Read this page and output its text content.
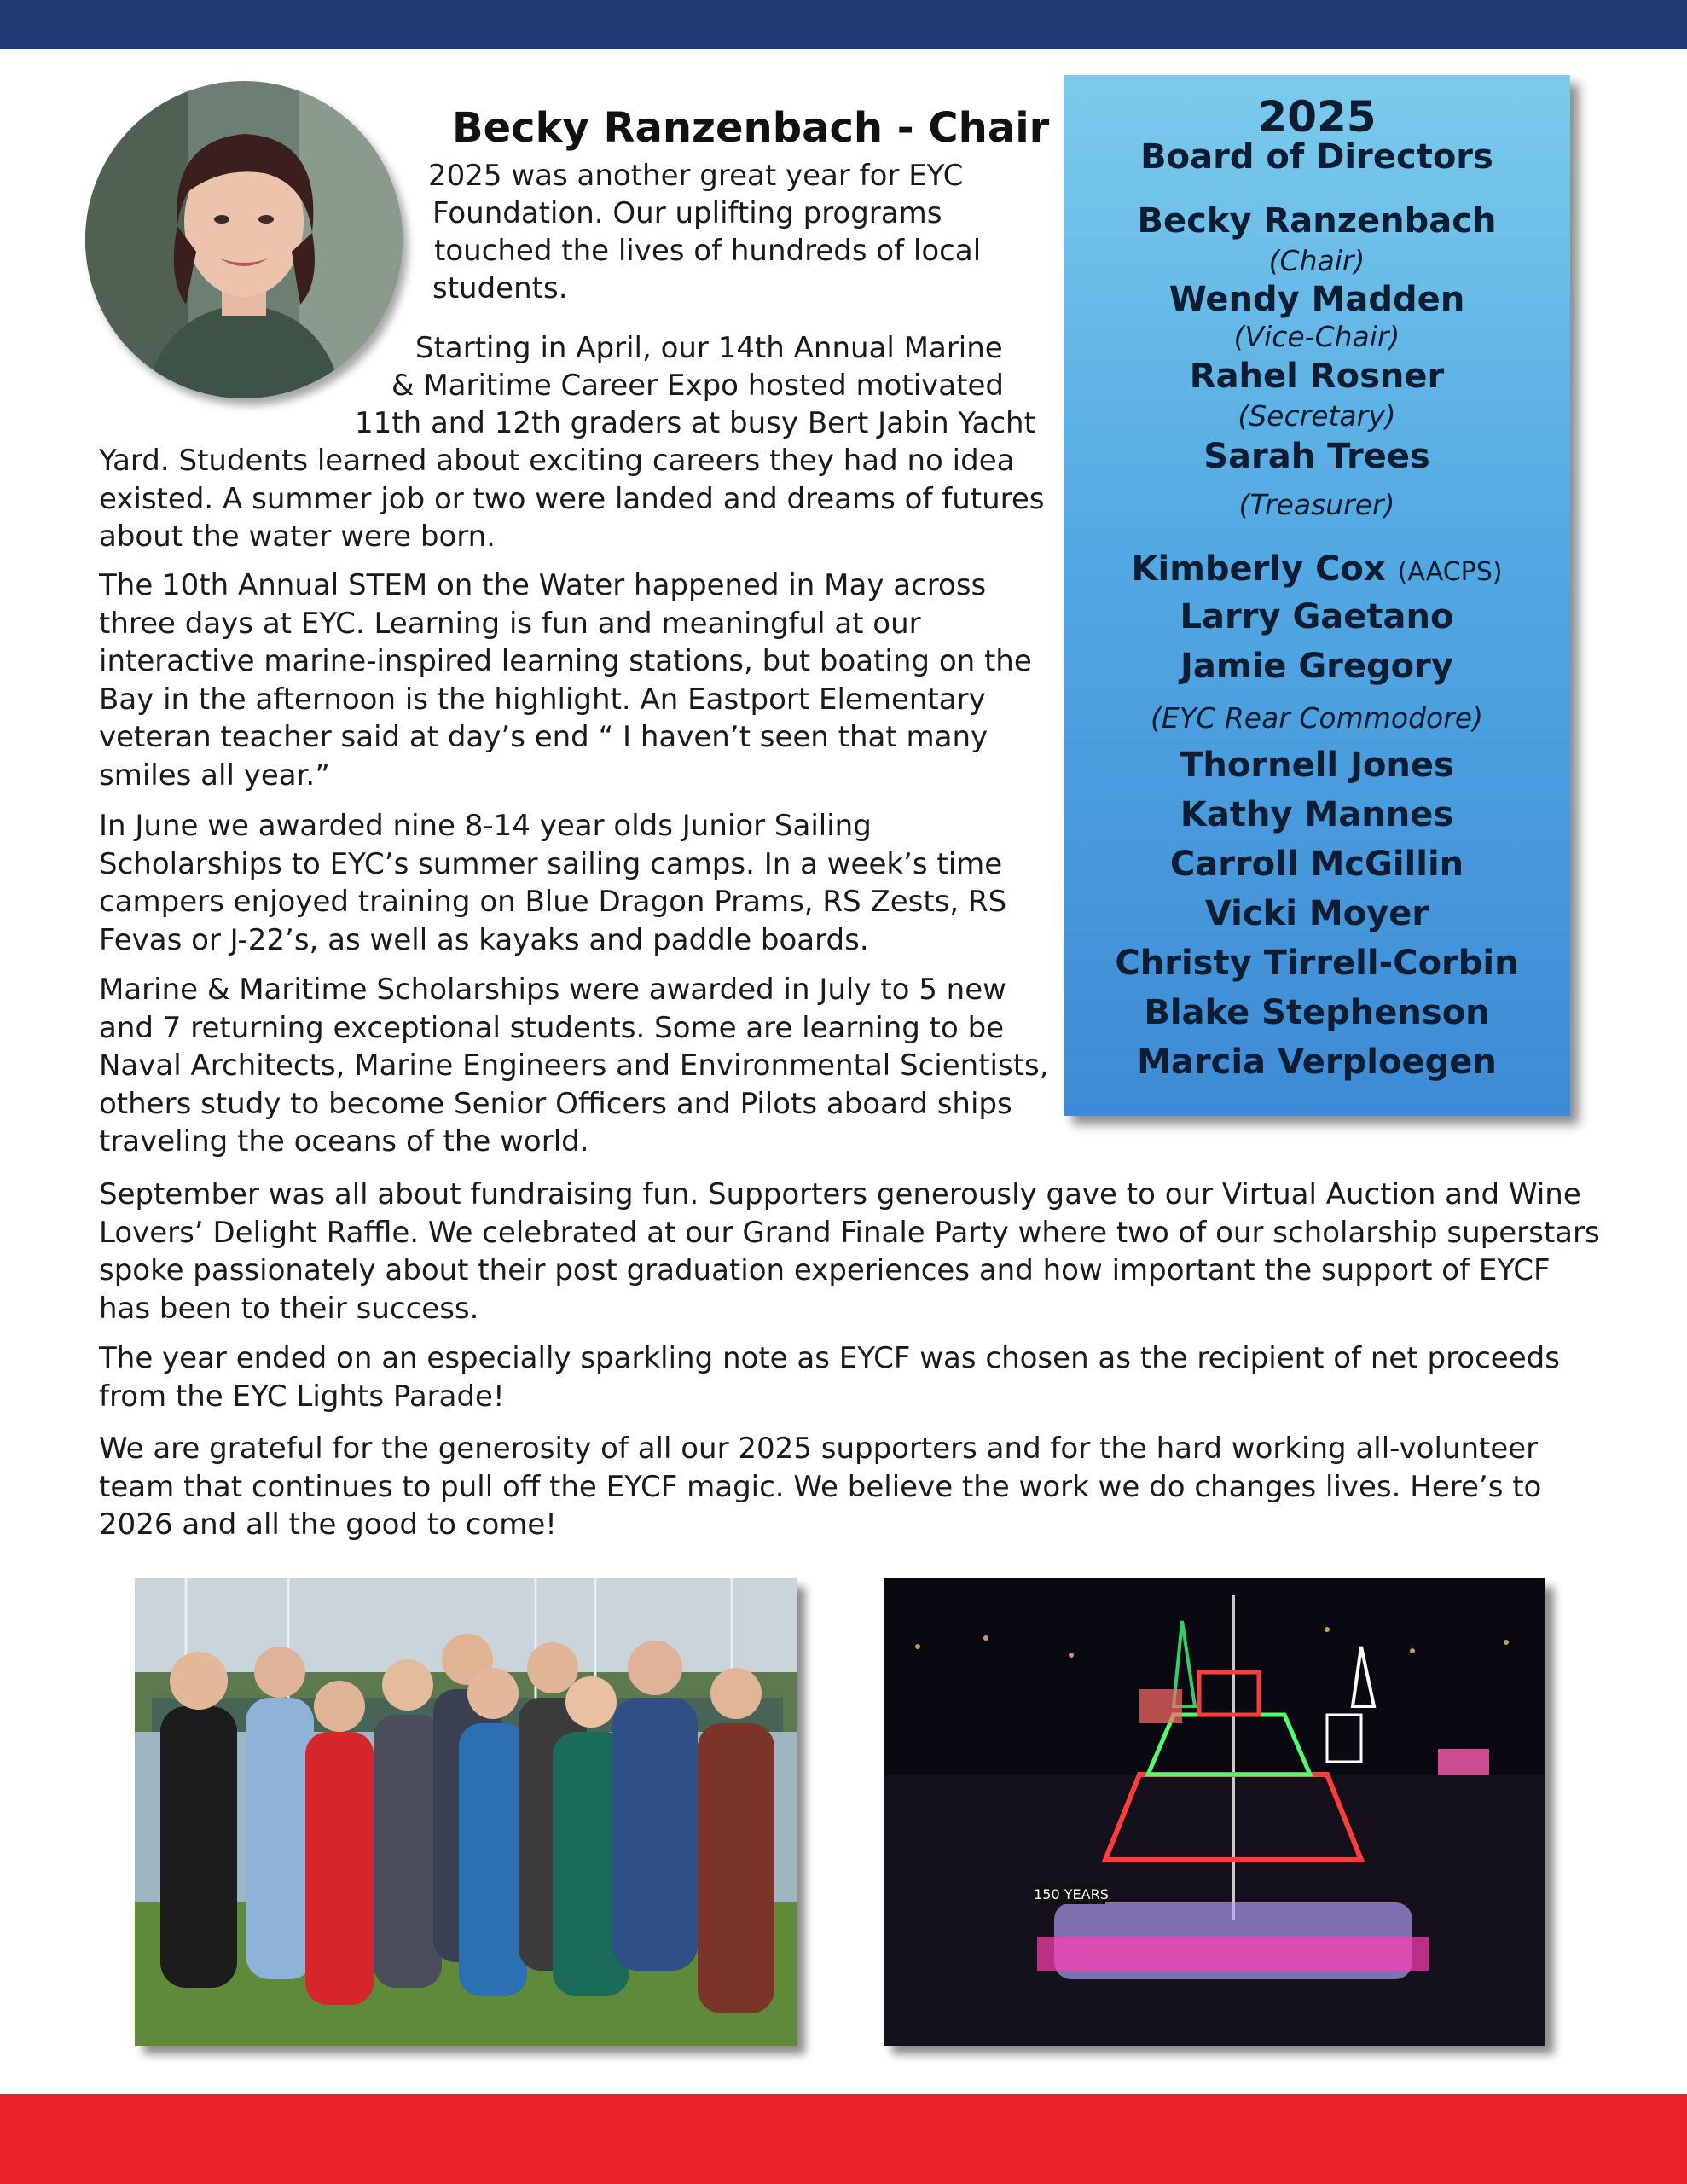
Becky Ranzenbach - Chair

2025 was another great year for EYC

Foundation. Our uplifting programs

touched the lives of hundreds of local

students.

Starting in April, our 14th Annual Marine

& Maritime Career Expo hosted motivated

11th and 12th graders at busy Bert Jabin Yacht

Yard. Students learned about exciting careers they had no idea existed. A summer job or two were landed and dreams of futures about the water were born.

The 10th Annual STEM on the Water happened in May across three days at EYC. Learning is fun and meaningful at our interactive marine-inspired learning stations, but boating on the Bay in the afternoon is the highlight. An Eastport Elementary veteran teacher said at day’s end “ I haven’t seen that many smiles all year.”

In June we awarded nine 8-14 year olds Junior Sailing Scholarships to EYC’s summer sailing camps. In a week’s time campers enjoyed training on Blue Dragon Prams, RS Zests, RS Fevas or J-22’s, as well as kayaks and paddle boards.

Marine & Maritime Scholarships were awarded in July to 5 new and 7 returning exceptional students. Some are learning to be Naval Architects, Marine Engineers and Environmental Scientists, others study to become Senior Officers and Pilots aboard ships traveling the oceans of the world.

September was all about fundraising fun. Supporters generously gave to our Virtual Auction and Wine Lovers’ Delight Raffle. We celebrated at our Grand Finale Party where two of our scholarship superstars spoke passionately about their post graduation experiences and how important the support of EYCF has been to their success.

The year ended on an especially sparkling note as EYCF was chosen as the recipient of net proceeds from the EYC Lights Parade!

We are grateful for the generosity of all our 2025 supporters and for the hard working all-volunteer team that continues to pull off the EYCF magic. We believe the work we do changes lives. Here’s to 2026 and all the good to come!

2025

Board of Directors

Becky Ranzenbach

(Chair)

Wendy Madden

(Vice-Chair)

Rahel Rosner

(Secretary)

Sarah Trees

(Treasurer)

Kimberly Cox (AACPS)

Larry Gaetano

Jamie Gregory

(EYC Rear Commodore)

Thornell Jones

Kathy Mannes

Carroll McGillin

Vicki Moyer

Christy Tirrell-Corbin

Blake Stephenson

Marcia Verploegen

150 YEARS
